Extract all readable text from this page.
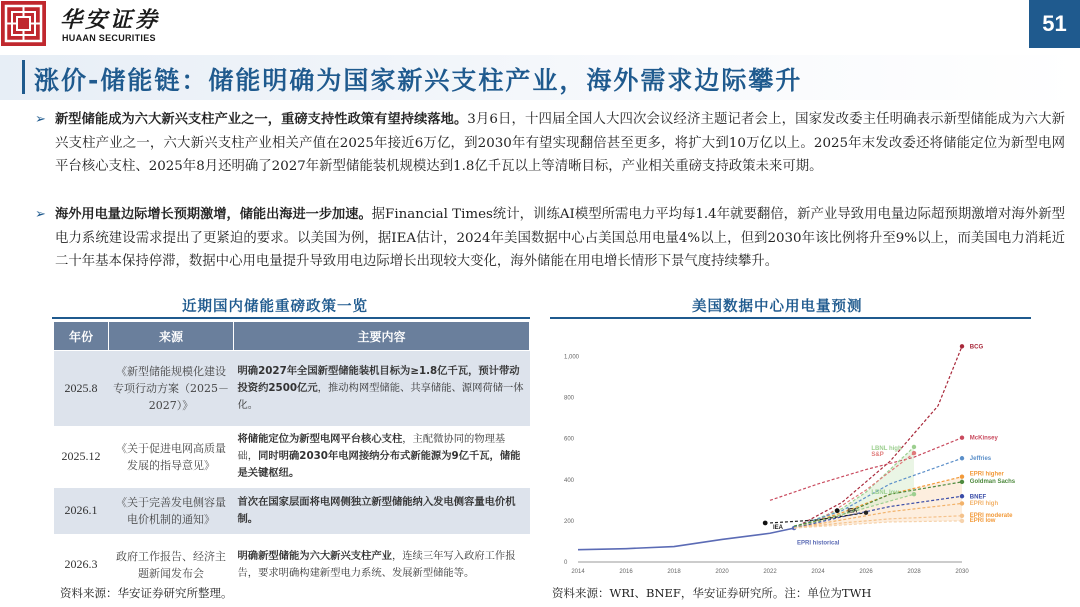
华安证券
HUAAN SECURITIES
51
涨价-储能链：储能明确为国家新兴支柱产业，海外需求边际攀升
➢ 新型储能成为六大新兴支柱产业之一，重磅支持性政策有望持续落地。3月6日，十四届全国人大四次会议经济主题记者会上，国家发改委主任明确表示新型储能成为六大新兴支柱产业之一，六大新兴支柱产业相关产值在2025年接近6万亿，到2030年有望实现翻倍甚至更多，将扩大到10万亿以上。2025年末发改委还将储能定位为新型电网平台核心支柱、2025年8月还明确了2027年新型储能装机规模达到1.8亿千瓦以上等清晰目标，产业相关重磅支持政策未来可期。
➢ 海外用电量边际增长预期激增，储能出海进一步加速。据Financial Times统计，训练AI模型所需电力平均每1.4年就要翻倍，新产业导致用电量边际超预期激增对海外新型电力系统建设需求提出了更紧迫的要求。以美国为例，据IEA估计，2024年美国数据中心占美国总用电量4%以上，但到2030年该比例将升至9%以上，而美国电力消耗近二十年基本保持停滞，数据中心用电量提升导致用电边际增长出现较大变化，海外储能在用电增长情形下景气度持续攀升。
近期国内储能重磅政策一览	美国数据中心用电量预测
年份	来源	主要内容
2025.8	《新型储能规模化建设专项行动方案（2025－2027）》	明确2027年全国新型储能装机目标为≥1.8亿千瓦，预计带动投资约2500亿元，推动构网型储能、共享储能、源网荷储一体化。
2025.12	《关于促进电网高质量发展的指导意见》	将储能定位为新型电网平台核心支柱，主配微协同的物理基础，同时明确2030年电网接纳分布式新能源为9亿千瓦，储能是关键枢纽。
2026.1	《关于完善发电侧容量电价机制的通知》	首次在国家层面将电网侧独立新型储能纳入发电侧容量电价机制。
2026.3	政府工作报告、经济主题新闻发布会	明确新型储能为六大新兴支柱产业，连续三年写入政府工作报告，要求明确构建新型电力系统、发展新型储能等。	2014	2016	2018	2020	2022	2024	2026	2028	2030
0
200
400
600
800
1,000
EPRI historical
BCG
McKinsey
LBNL high
S&P
Jeffries
EPRI higher
Goldman Sachs
LBNL low
BNEF
EPRI high
EPRI moderate
EPRI low
IEA
IEA
资料来源：华安证券研究所整理。	资料来源：WRI、BNEF，华安证券研究所。注：单位为TWH
